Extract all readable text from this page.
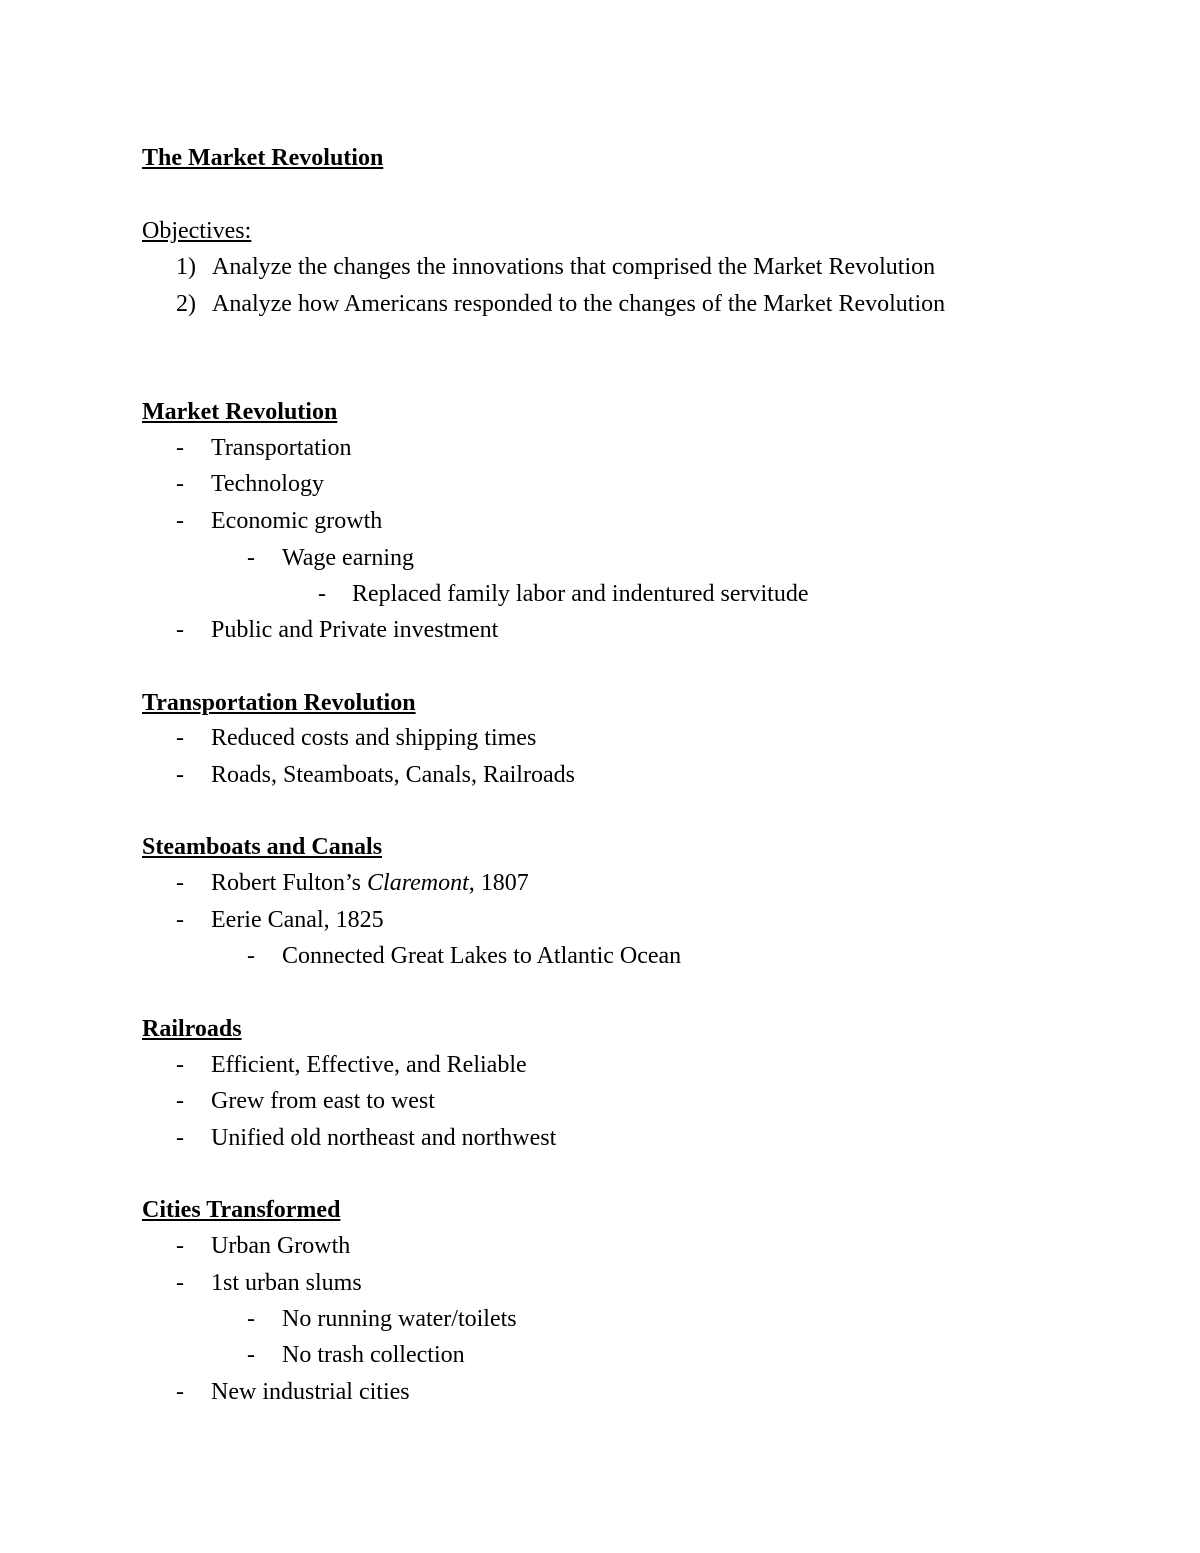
The Market Revolution
Objectives:
1) Analyze the changes the innovations that comprised the Market Revolution
2) Analyze how Americans responded to the changes of the Market Revolution
Market Revolution
-	Transportation
-	Technology
-	Economic growth
-	Wage earning
-	Replaced family labor and indentured servitude
-	Public and Private investment
Transportation Revolution
-	Reduced costs and shipping times
-	Roads, Steamboats, Canals, Railroads
Steamboats and Canals
-	Robert Fulton’s Claremont, 1807
-	Eerie Canal, 1825
-	Connected Great Lakes to Atlantic Ocean
Railroads
-	Efficient, Effective, and Reliable
-	Grew from east to west
-	Unified old northeast and northwest
Cities Transformed
-	Urban Growth
-	1st urban slums
-	No running water/toilets
-	No trash collection
-	New industrial cities
